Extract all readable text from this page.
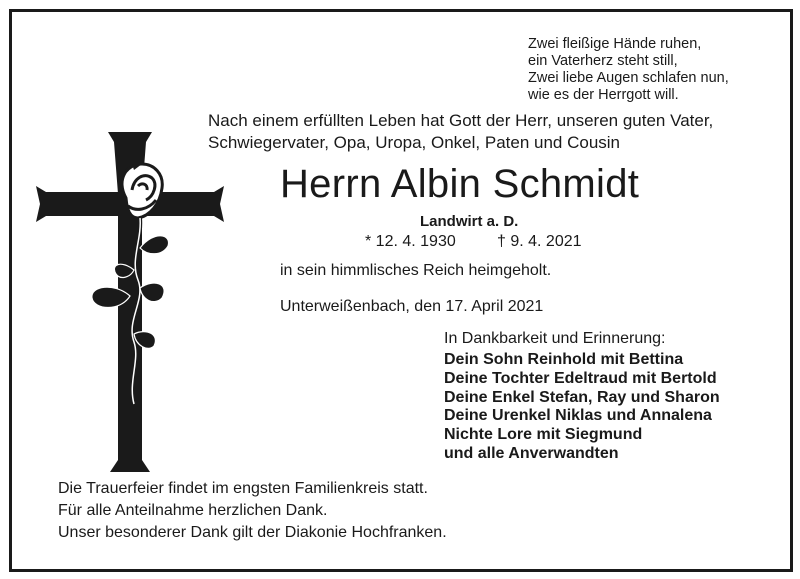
Zwei fleißige Hände ruhen,
ein Vaterherz steht still,
Zwei liebe Augen schlafen nun,
wie es der Herrgott will.
Nach einem erfüllten Leben hat Gott der Herr, unseren guten Vater,
Schwiegervater, Opa, Uropa, Onkel, Paten und Cousin
Herrn Albin Schmidt
Landwirt a. D.
* 12. 4. 1930	† 9. 4. 2021
in sein himmlisches Reich heimgeholt.
Unterweißenbach, den 17. April 2021
In Dankbarkeit und Erinnerung:
Dein Sohn Reinhold mit Bettina
Deine Tochter Edeltraud mit Bertold
Deine Enkel Stefan, Ray und Sharon
Deine Urenkel Niklas und Annalena
Nichte Lore mit Siegmund
und alle Anverwandten
Die Trauerfeier findet im engsten Familienkreis statt.
Für alle Anteilnahme herzlichen Dank.
Unser besonderer Dank gilt der Diakonie Hochfranken.
